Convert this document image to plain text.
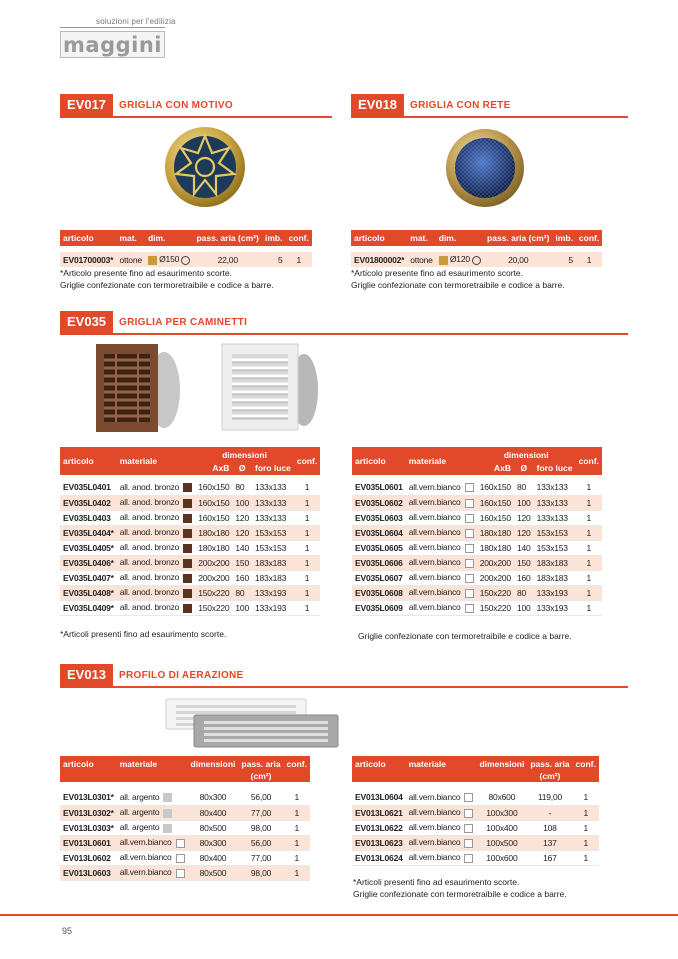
soluzioni per l'edilizia
maggini
EV017	GRIGLIA CON MOTIVO	EV018	GRIGLIA CON RETE
articolo	mat.	dim.	pass. aria (cm²)	imb.	conf.

EV01700003*	ottone	Ø150	22,00	5	1
*Articolo presente fino ad esaurimento scorte.
Griglie confezionate con termoretraibile e codice a barre.
articolo	mat.	dim.	pass. aria (cm²)	imb.	conf.

EV01800002*	ottone	Ø120	20,00	5	1
*Articolo presente fino ad esaurimento scorte.
Griglie confezionate con termoretraibile e codice a barre.
EV035	GRIGLIA PER CAMINETTI
articolo	materiale	dimensioni			conf.
		AxB	Ø	foro luce	

EV035L0401	all. anod. bronzo	160x150	80	133x133	1
EV035L0402	all. anod. bronzo	160x150	100	133x133	1
EV035L0403	all. anod. bronzo	160x150	120	133x133	1
EV035L0404*	all. anod. bronzo	180x180	120	153x153	1
EV035L0405*	all. anod. bronzo	180x180	140	153x153	1
EV035L0406*	all. anod. bronzo	200x200	150	183x183	1
EV035L0407*	all. anod. bronzo	200x200	160	183x183	1
EV035L0408*	all. anod. bronzo	150x220	80	133x193	1
EV035L0409*	all. anod. bronzo	150x220	100	133x193	1
*Articoli presenti fino ad esaurimento scorte.
articolo	materiale	dimensioni			conf.
		AxB	Ø	foro luce	

EV035L0601	all.vern.bianco	160x150	80	133x133	1
EV035L0602	all.vern.bianco	160x150	100	133x133	1
EV035L0603	all.vern.bianco	160x150	120	133x133	1
EV035L0604	all.vern.bianco	180x180	120	153x153	1
EV035L0605	all.vern.bianco	180x180	140	153x153	1
EV035L0606	all.vern.bianco	200x200	150	183x183	1
EV035L0607	all.vern.bianco	200x200	160	183x183	1
EV035L0608	all.vern.bianco	150x220	80	133x193	1
EV035L0609	all.vern.bianco	150x220	100	133x193	1
Griglie confezionate con termoretraibile e codice a barre.
EV013	PROFILO DI AERAZIONE
articolo	materiale	dimensioni	pass. aria	conf.
			(cm²)	

EV013L0301*	all. argento	80x300	56,00	1
EV013L0302*	all. argento	80x400	77,00	1
EV013L0303*	all. argento	80x500	98,00	1
EV013L0601	all.vern.bianco	80x300	56,00	1
EV013L0602	all.vern.bianco	80x400	77,00	1
EV013L0603	all.vern.bianco	80x500	98,00	1
articolo	materiale	dimensioni	pass. aria	conf.
			(cm²)	

EV013L0604	all.vern.bianco	80x600	119,00	1
EV013L0621	all.vern.bianco	100x300	-	1
EV013L0622	all.vern.bianco	100x400	108	1
EV013L0623	all.vern.bianco	100x500	137	1
EV013L0624	all.vern.bianco	100x600	167	1
*Articoli presenti fino ad esaurimento scorte.
Griglie confezionate con termoretraibile e codice a barre.
95
